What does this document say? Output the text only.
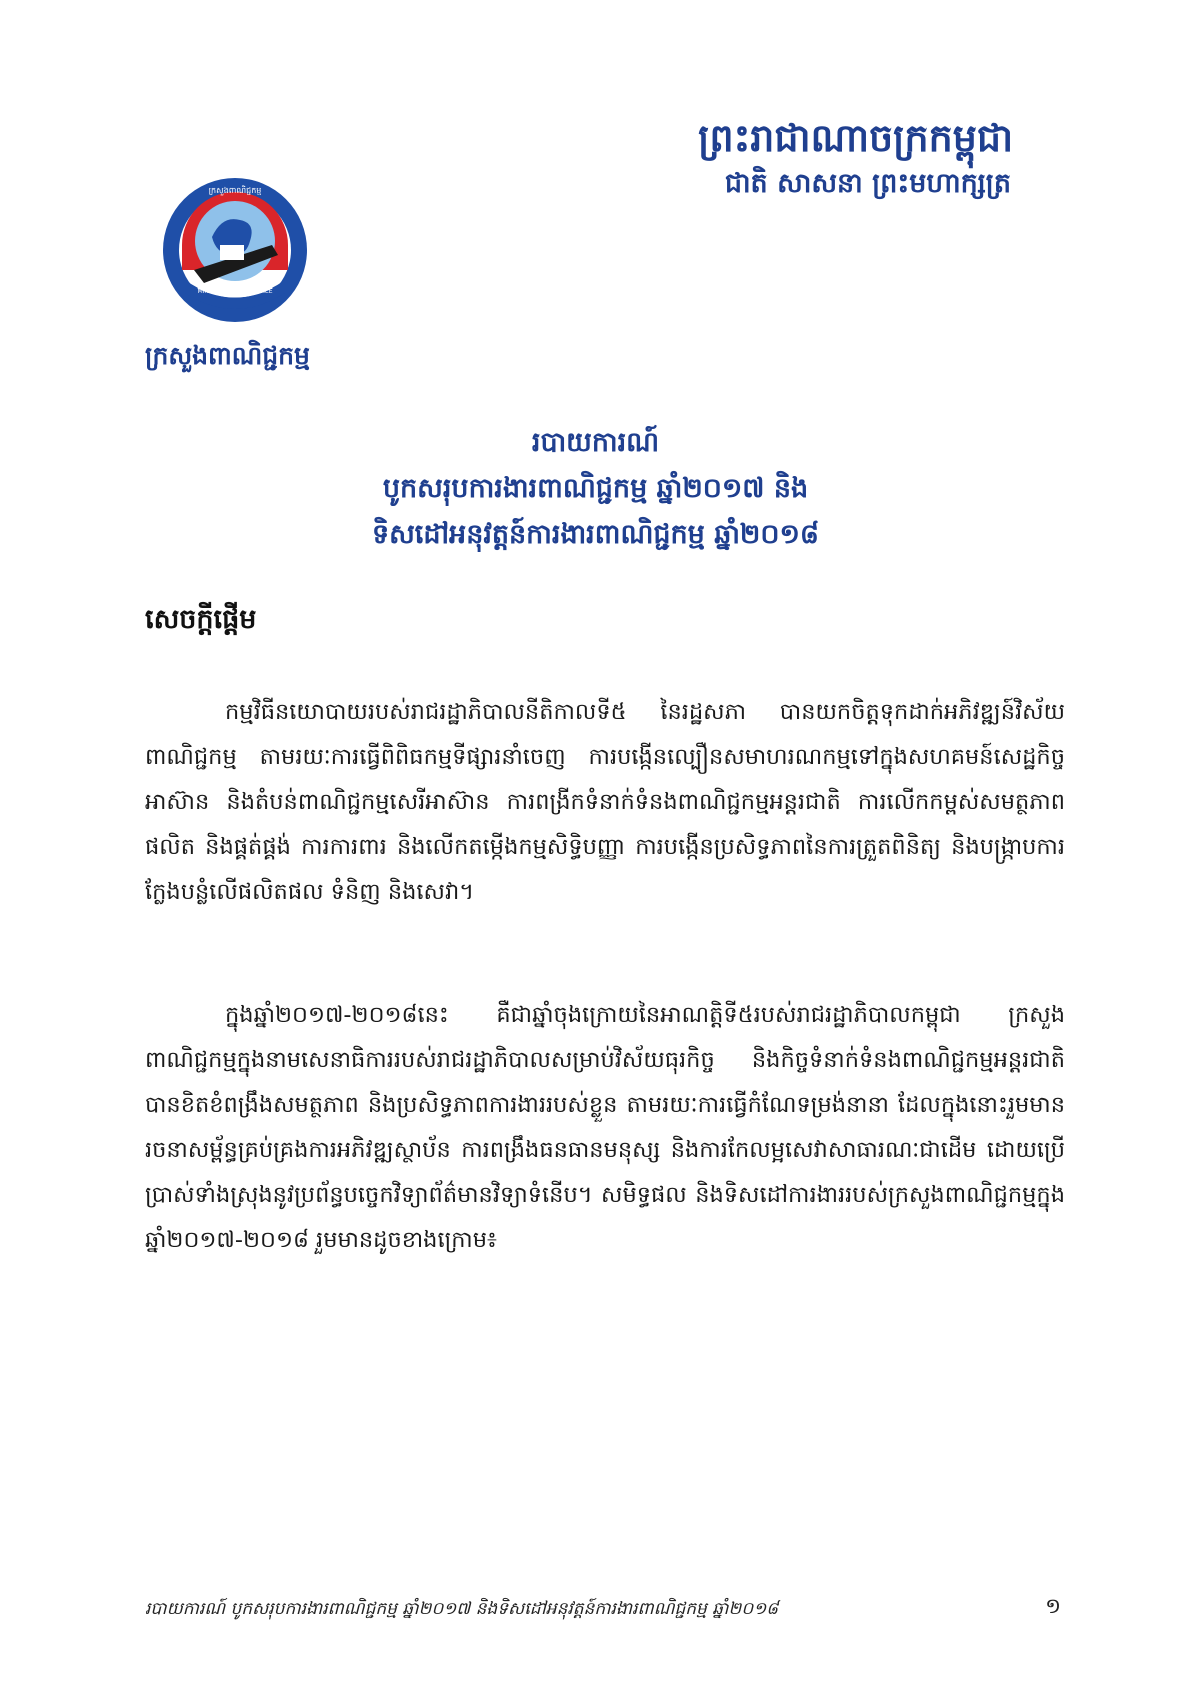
ព្រះរាជាណាចក្រកម្ពុជា
ជាតិ សាសនា ព្រះមហាក្សត្រ
MINISTRY OF COMMERCE
ក្រសួងពាណិជ្ជកម្ម
ក្រសួងពាណិជ្ជកម្ម
របាយការណ៍
បូកសរុបការងារពាណិជ្ជកម្ម ឆ្នាំ២០១៧ និង
ទិសដៅអនុវត្តន៍ការងារពាណិជ្ជកម្ម ឆ្នាំ២០១៨
សេចក្តីផ្តើម

កម្មវិធីនយោបាយរបស់រាជរដ្ឋាភិបាលនីតិកាលទី៥ នៃរដ្ឋសភា បានយកចិត្តទុកដាក់អភិវឌ្ឍន៍វិស័យពាណិជ្ជកម្ម តាមរយៈការធ្វើពិពិធកម្មទីផ្សារនាំចេញ ការបង្កើនល្បឿនសមាហរណកម្មទៅក្នុងសហគមន៍សេដ្ឋកិច្ចអាស៊ាន និងតំបន់ពាណិជ្ជកម្មសេរីអាស៊ាន ការពង្រីកទំនាក់ទំនងពាណិជ្ជកម្មអន្តរជាតិ ការលើកកម្ពស់សមត្ថភាពផលិត និងផ្គត់ផ្គង់ ការការពារ និងលើកតម្កើងកម្មសិទ្ធិបញ្ញា ការបង្កើនប្រសិទ្ធភាពនៃការត្រួតពិនិត្យ និងបង្ក្រាបការក្លែងបន្លំលើផលិតផល ទំនិញ និងសេវា។

ក្នុងឆ្នាំ២០១៧-២០១៨នេះ គឺជាឆ្នាំចុងក្រោយនៃអាណត្តិទី៥របស់រាជរដ្ឋាភិបាលកម្ពុជា ក្រសួងពាណិជ្ជកម្មក្នុងនាមសេនាធិការរបស់រាជរដ្ឋាភិបាលសម្រាប់វិស័យធុរកិច្ច និងកិច្ចទំនាក់ទំនងពាណិជ្ជកម្មអន្តរជាតិ បានខិតខំពង្រឹងសមត្ថភាព និងប្រសិទ្ធភាពការងាររបស់ខ្លួន តាមរយៈការធ្វើកំណែទម្រង់នានា ដែលក្នុងនោះរួមមាន រចនាសម្ព័ន្ធគ្រប់គ្រងការអភិវឌ្ឍស្ថាប័ន ការពង្រឹងធនធានមនុស្ស និងការកែលម្អសេវាសាធារណៈជាដើម ដោយប្រើប្រាស់ទាំងស្រុងនូវប្រព័ន្ធបច្ចេកវិទ្យាព័ត៌មានវិទ្យាទំនើប។ សមិទ្ធផល និងទិសដៅការងាររបស់ក្រសួងពាណិជ្ជកម្មក្នុងឆ្នាំ២០១៧-២០១៨ រួមមានដូចខាងក្រោម៖

របាយការណ៍ បូកសរុបការងារពាណិជ្ជកម្ម ឆ្នាំ២០១៧ និងទិសដៅអនុវត្តន៍ការងារពាណិជ្ជកម្ម ឆ្នាំ២០១៨	១
